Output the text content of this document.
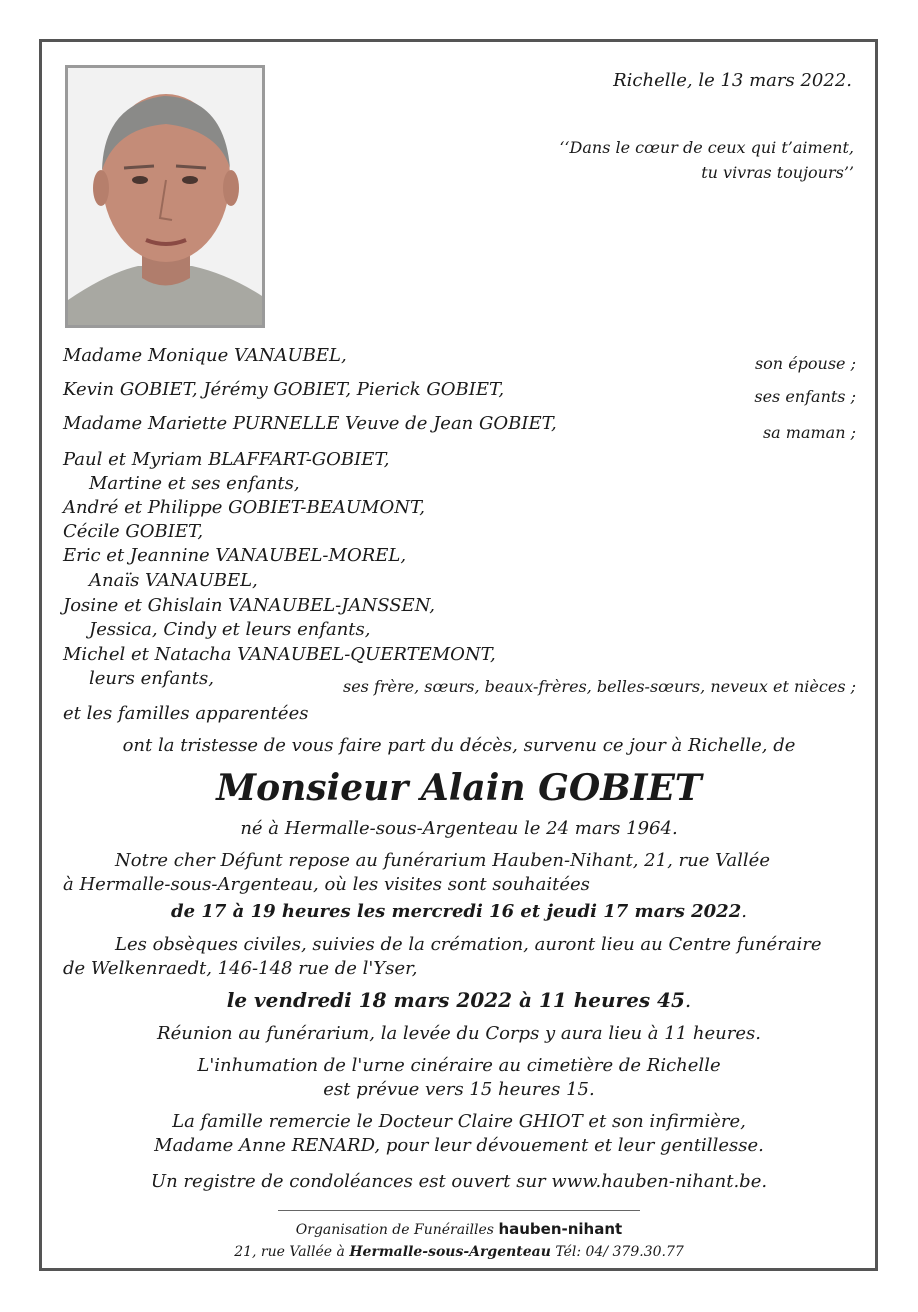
Richelle, le 13 mars 2022.
‘‘Dans le cœur de ceux qui t’aiment,
tu vivras toujours’’
Madame Monique VANAUBEL,	son épouse ;
Kevin GOBIET, Jérémy GOBIET, Pierick GOBIET,	ses enfants ;
Madame Mariette PURNELLE Veuve de Jean GOBIET,	sa maman ;
Paul et Myriam BLAFFART-GOBIET,
Martine et ses enfants,
André et Philippe GOBIET-BEAUMONT,
Cécile GOBIET,
Eric et Jeannine VANAUBEL-MOREL,
Anaïs VANAUBEL,
Josine et Ghislain VANAUBEL-JANSSEN,
Jessica, Cindy et leurs enfants,
Michel et Natacha VANAUBEL-QUERTEMONT,
leurs enfants,	ses frère, sœurs, beaux-frères, belles-sœurs, neveux et nièces ;
et les familles apparentées
ont la tristesse de vous faire part du décès, survenu ce jour à Richelle, de
Monsieur Alain GOBIET
né à Hermalle-sous-Argenteau le 24 mars 1964.
Notre cher Défunt repose au funérarium Hauben-Nihant, 21, rue Vallée
à Hermalle-sous-Argenteau, où les visites sont souhaitées
de 17 à 19 heures les mercredi 16 et jeudi 17 mars 2022.
Les obsèques civiles, suivies de la crémation, auront lieu au Centre funéraire
de Welkenraedt, 146-148 rue de l'Yser,
le vendredi 18 mars 2022 à 11 heures 45.
Réunion au funérarium, la levée du Corps y aura lieu à 11 heures.
L'inhumation de l'urne cinéraire au cimetière de Richelle
est prévue vers 15 heures 15.
La famille remercie le Docteur Claire GHIOT et son infirmière,
Madame Anne RENARD, pour leur dévouement et leur gentillesse.
Un registre de condoléances est ouvert sur www.hauben-nihant.be.
Organisation de Funérailles hauben-nihant
21, rue Vallée à Hermalle-sous-Argenteau Tél: 04/ 379.30.77
